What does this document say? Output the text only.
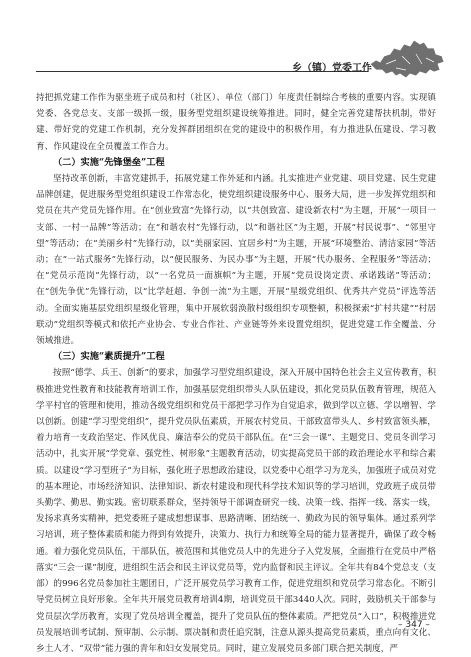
乡（镇）党委工作

持把抓党建工作作为驱坐班子成员和村（社区）、单位（部门）年度责任制综合考核的重要内容。实现镇党委、各党总支、支部一级抓一级，服务型党组织建设统筹推进。同时，健全完善党建帮扶机制，带好建、带好党的党建工作机制，充分发挥群团组织在党的建设中的积极作用，有力推进队伍建设、学习教育、作风建设在全员覆盖工作合力。

（二）实施“先锋堡垒”工程

坚持改革创新，丰富党建抓手，拓展党建工作外延和内涵。扎实推进产业党建、项目党建、民生党建品牌创建，促进服务型党组织建设工作常态化，使党组织建设服务中心、服务大局，进一步发挥党组织和党员在共产党员先锋作用。在“创业致富”先锋行动，以“共创致富、建设新农村”为主题，开展“一项目一支部、一村一品牌”等活动；在“和谐农村”先锋行动，以“和谐社区”为主题，开展“村民说事”、“邻里守望”等活动；在“美丽乡村”先锋行动，以“美丽家园、宜居乡村”为主题，开展“环境整治、清洁家园”等活动；在“一站式服务”先锋行动，以“便民服务、为民办事”为主题，开展“代办服务、全程服务”等活动；在“党员示范岗”先锋行动，以“一名党员一面旗帜”为主题，开展“党员设岗定责、承诺践诺”等活动；在“创先争优”先锋行动，以“比学赶超、争创一流”为主题，开展“星级党组织、优秀共产党员”评选等活动。全面实施基层党组织星级化管理，集中开展软弱涣散村级组织专项整顿，积极探索“扩村共建”“村居联动”党组织等模式和依托产业协会、专业合作社、产业链等外来设置党组织，促进党建工作全覆盖、分领域推进。

（三）实施“素质提升”工程

按照“德学、兵王、创新”的要求，加强学习型党组织建设，深入开展中国特色社会主义宣传教育，积极推进党性教育和技能教育培训工作，加强基层党组织带头人队伍建设，抓化党员队伍教育管理，规范入学平村官的管理和使用，推动各级党组织和党员干部把学习作为自觉追求，做到学以立德、学以增智、学以创新。创建“学习型党组织”，提升党员队伍素质，开展农村党员、干部致富带头人、乡村致富领头雁，着力培育一支政治坚定、作风优良、廉洁奉公的党员干部队伍。在“三会一课”、主题党日、党员冬训学习活动中，扎实开展“学党章、强党性、树形象”主题教育活动，切实提高党员干部的政治理论水平和综合素质。以建设“学习型班子”为目标，强化班子思想政治建设，以党委中心组学习为龙头，加强班子成员对党的基本理论、市场经济知识、法律知识、新农村建设和现代科学技术知识等的学习培训，党政班子成员带头勤学、勤思、勤实践。密切联系群众，坚持领导干部调查研究一线、决策一线、指挥一线、落实一线，发扬求真务实精神，把党委班子建成想想谋事、思路清晰、团结统一、勤政为民的领导集体。通过系列学习培训，班子整体素质和能力得到有效提升，决策力、执行力和统筹全局的能力显著提升，确保了政令畅通。着力强化党员队伍，干部队伍，被范围和其他党员人中的先进分子入党发展，全面推行在党员中严格落实“三会一课”制度，进组织生活会和民主评议党员等，党内监督和民主评议。全年共有84个党总支（支部）的996名党员参加社主题团日，广泛开展党员学习教育工作，促进党组织和党员学习常态化。不断引导党员树立良好形象。全年共开展党员教育培训4期，培训党员干部3440人次。同时，鼓励机关干部参与党员层次学历教育，实现了党员培训全覆盖，提升了党员队伍的整体素质。严把党员“入口”，积极推进党员发展培训考试制、预审制、公示制、票决制和责任追究制，注意从源头提高党员素质，重点向有文化、乡土人才、“双带”能力强的青年和妇女发展党员。同时，建立发展党员多部门联合把关制度，严

– 347 –
